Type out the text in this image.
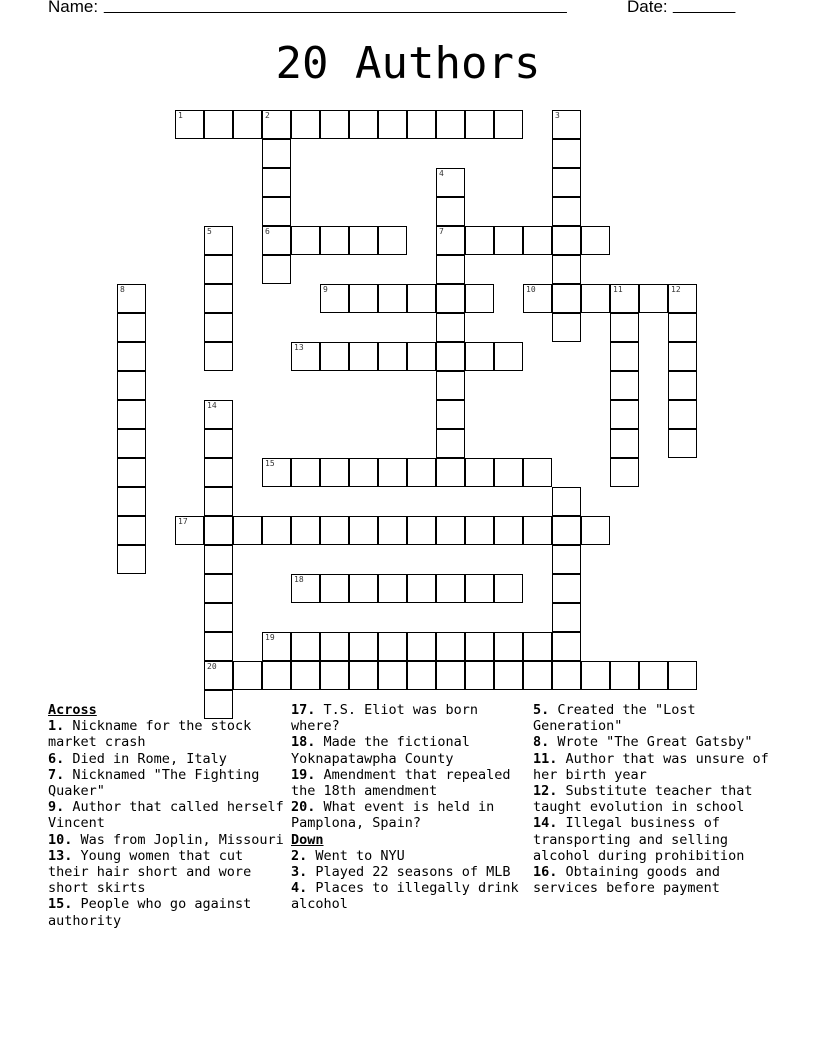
Name: ____________________________________________________	Date: _______
20 Authors
1	2
6	7
9	10	11	12
13
15
17
18
19
20
3
4
5
8
14
Across

1. Nickname for the stock market crash

6. Died in Rome, Italy

7. Nicknamed "The Fighting Quaker"

9. Author that called herself Vincent

10. Was from Joplin, Missouri

13. Young women that cut their hair short and wore short skirts

15. People who go against authority

17. T.S. Eliot was born where?

18. Made the fictional Yoknapatawpha County

19. Amendment that repealed the 18th amendment

20. What event is held in Pamplona, Spain?

Down

2. Went to NYU

3. Played 22 seasons of MLB

4. Places to illegally drink alcohol

5. Created the "Lost Generation"

8. Wrote "The Great Gatsby"

11. Author that was unsure of her birth year

12. Substitute teacher that taught evolution in school

14. Illegal business of transporting and selling alcohol during prohibition

16. Obtaining goods and services before payment
